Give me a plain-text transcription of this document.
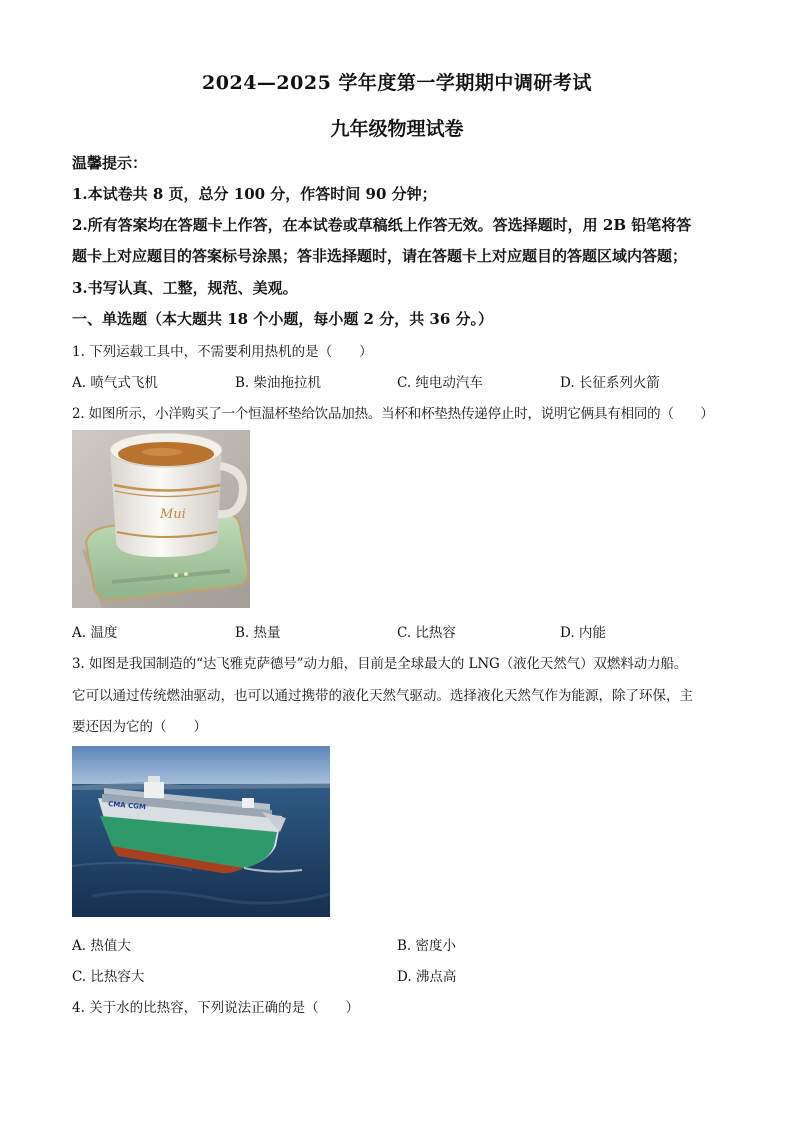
2024—2025 学年度第一学期期中调研考试
九年级物理试卷
温馨提示：
1.本试卷共 8 页，总分 100 分，作答时间 90 分钟；
2.所有答案均在答题卡上作答，在本试卷或草稿纸上作答无效。答选择题时，用 2B 铅笔将答
题卡上对应题目的答案标号涂黑；答非选择题时，请在答题卡上对应题目的答题区域内答题；
3.书写认真、工整，规范、美观。
一、单选题（本大题共 18 个小题，每小题 2 分，共 36 分。）
1. 下列运载工具中，不需要利用热机的是（　　）
A. 喷气式飞机	B. 柴油拖拉机	C. 纯电动汽车	D. 长征系列火箭
2. 如图所示，小洋购买了一个恒温杯垫给饮品加热。当杯和杯垫热传递停止时，说明它俩具有相同的（　　）
Mui
A. 温度	B. 热量	C. 比热容	D. 内能
3. 如图是我国制造的“达飞雅克萨德号”动力船，目前是全球最大的 LNG（液化天然气）双燃料动力船。
它可以通过传统燃油驱动，也可以通过携带的液化天然气驱动。选择液化天然气作为能源，除了环保，主
要还因为它的（　　）
CMA CGM
A. 热值大	B. 密度小
C. 比热容大	D. 沸点高
4. 关于水的比热容，下列说法正确的是（　　）
